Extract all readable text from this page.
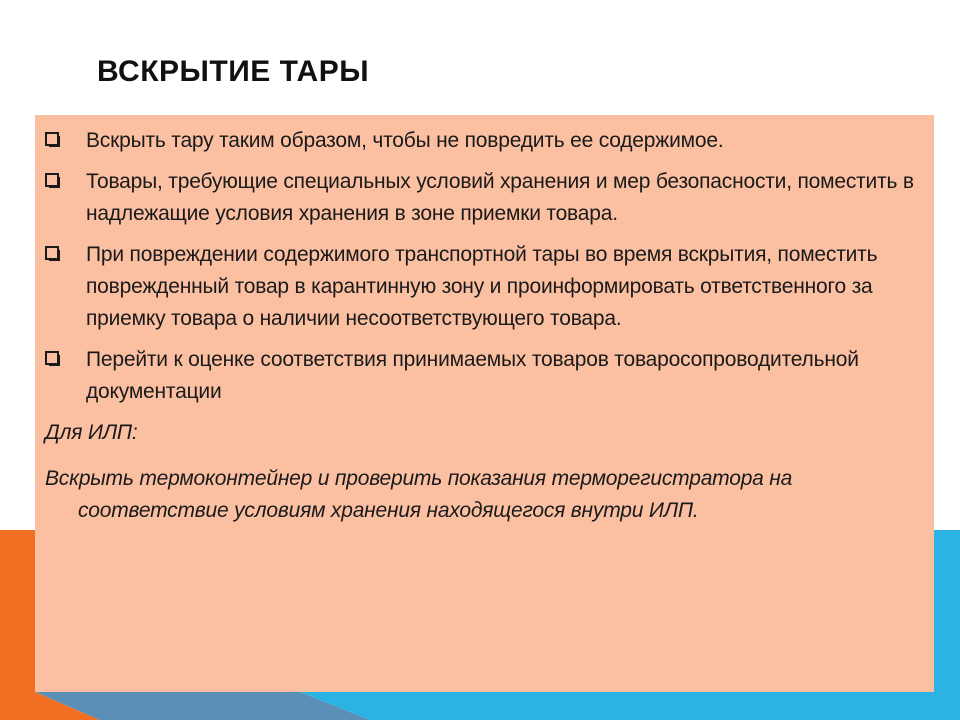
ВСКРЫТИЕ ТАРЫ
Вскрыть тару таким образом, чтобы не повредить ее содержимое.
Товары, требующие специальных условий хранения и мер безопасности, поместить в надлежащие условия хранения в зоне приемки товара.
При повреждении содержимого транспортной тары во время вскрытия, поместить поврежденный товар в карантинную зону и проинформировать ответственного за приемку товара о наличии несоответствующего товара.
Перейти к оценке соответствия принимаемых товаров товаросопроводительной документации
Для ИЛП:
Вскрыть термоконтейнер и проверить показания терморегистратора на
соответствие условиям хранения находящегося внутри ИЛП.
